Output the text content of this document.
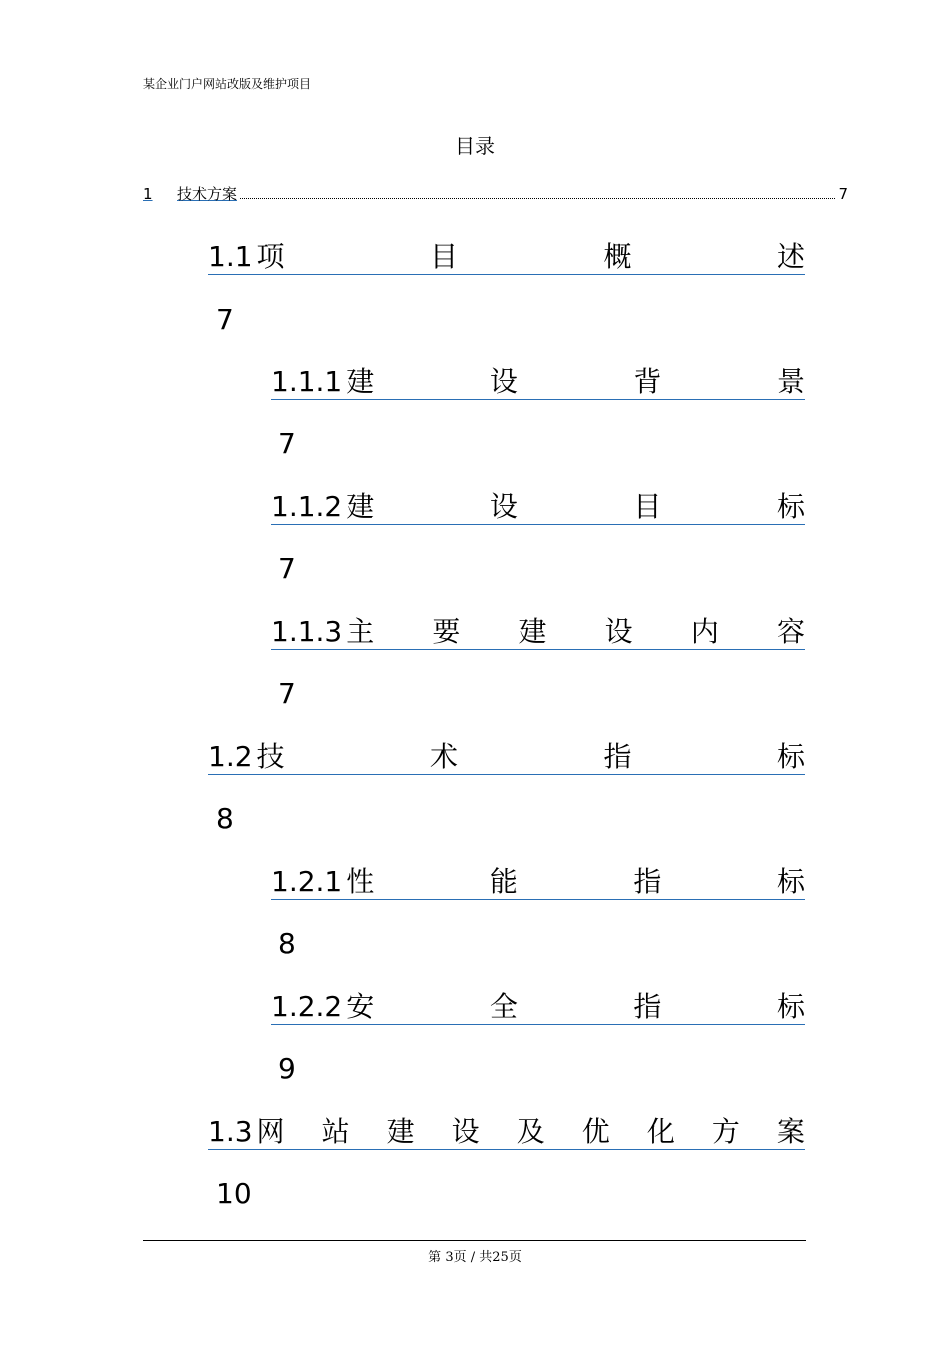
某企业门户网站改版及维护项目
目录
1	技术方案	7
1.1 项	目	概	述
7
1.1.1 建	设	背	景
7
1.1.2 建	设	目	标
7
1.1.3 主 要 建 设 内 容
7
1.2 技	术	指	标
8
1.2.1 性	能	指	标
8
1.2.2 安	全	指	标
9
1.3 网 站 建 设 及 优 化 方 案
10
第 3页 / 共25页
